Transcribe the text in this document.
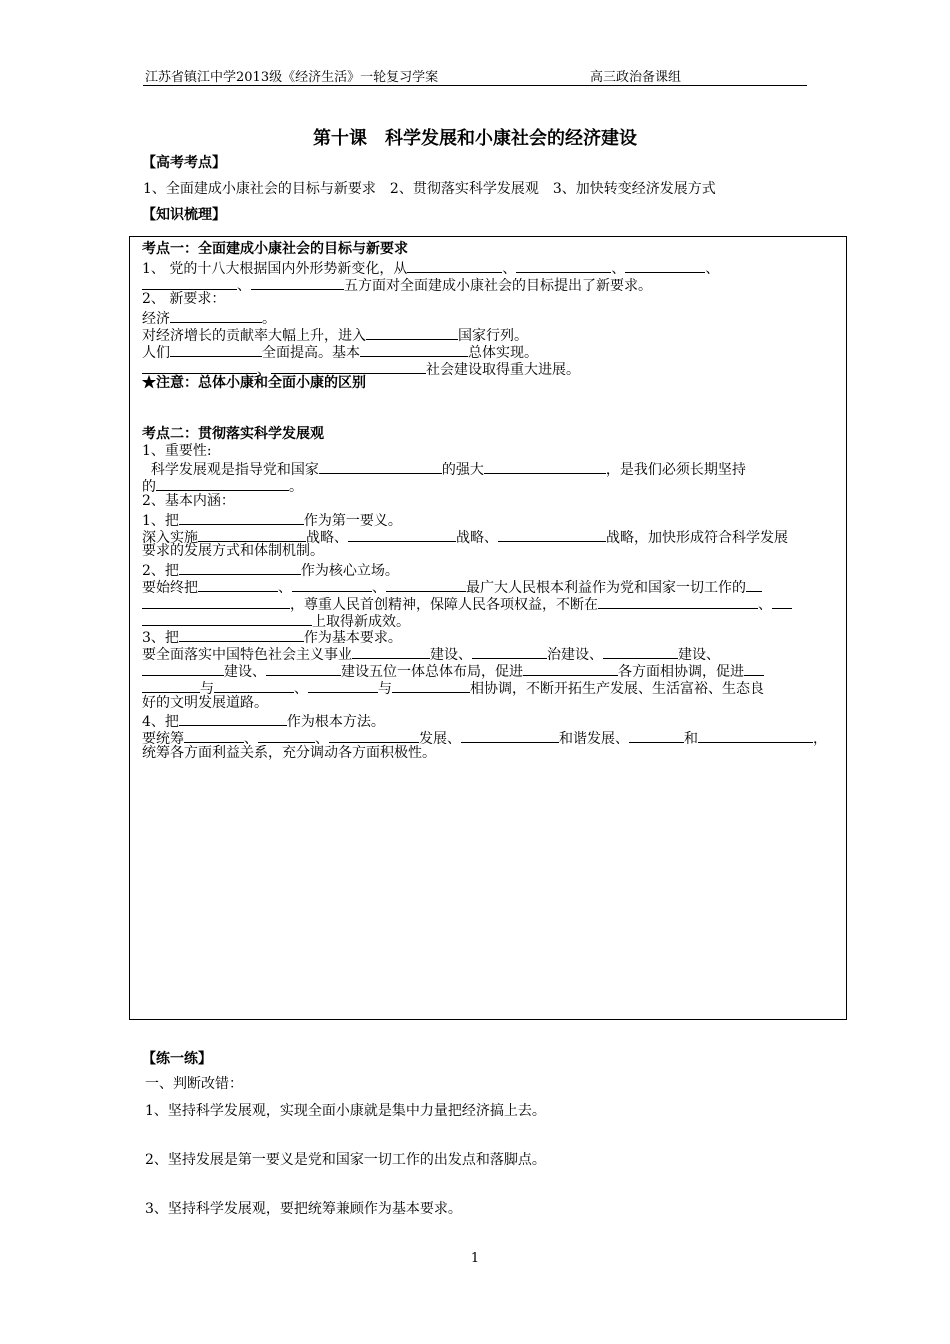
江苏省镇江中学2013级《经济生活》一轮复习学案	高三政治备课组
第十课　科学发展和小康社会的经济建设
【高考考点】
1、全面建成小康社会的目标与新要求　2、贯彻落实科学发展观　3、加快转变经济发展方式
【知识梳理】
考点一：全面建成小康社会的目标与新要求
1、 党的十八大根据国内外形势新变化，从	、	、	、
、	五方面对全面建成小康社会的目标提出了新要求。
2、 新要求：
经济	。
对经济增长的贡献率大幅上升，进入	国家行列。
人们	全面提高。基本	总体实现。
、	社会建设取得重大进展。
★注意：总体小康和全面小康的区别
考点二：贯彻落实科学发展观
1、重要性:
科学发展观是指导党和国家	的强大	，是我们必须长期坚持
的	。
2、基本内涵：
1、把	作为第一要义。
深入实施	战略、	战略、	战略，加快形成符合科学发展
要求的发展方式和体制机制。
2、把	作为核心立场。
要始终把	、	、	最广大人民根本利益作为党和国家一切工作的
，尊重人民首创精神，保障人民各项权益，不断在	、
上取得新成效。
3、把	作为基本要求。
要全面落实中国特色社会主义事业	建设、	治建设、	建设、
建设、	建设五位一体总体布局，促进	各方面相协调，促进
与	、	与	相协调，不断开拓生产发展、生活富裕、生态良
好的文明发展道路。
4、把	作为根本方法。
要统筹	、	、	发展、	和谐发展、	和	，
统筹各方面利益关系，充分调动各方面积极性。
【练一练】
一、判断改错：
1、坚持科学发展观，实现全面小康就是集中力量把经济搞上去。
2、坚持发展是第一要义是党和国家一切工作的出发点和落脚点。
3、坚持科学发展观，要把统筹兼顾作为基本要求。
1
